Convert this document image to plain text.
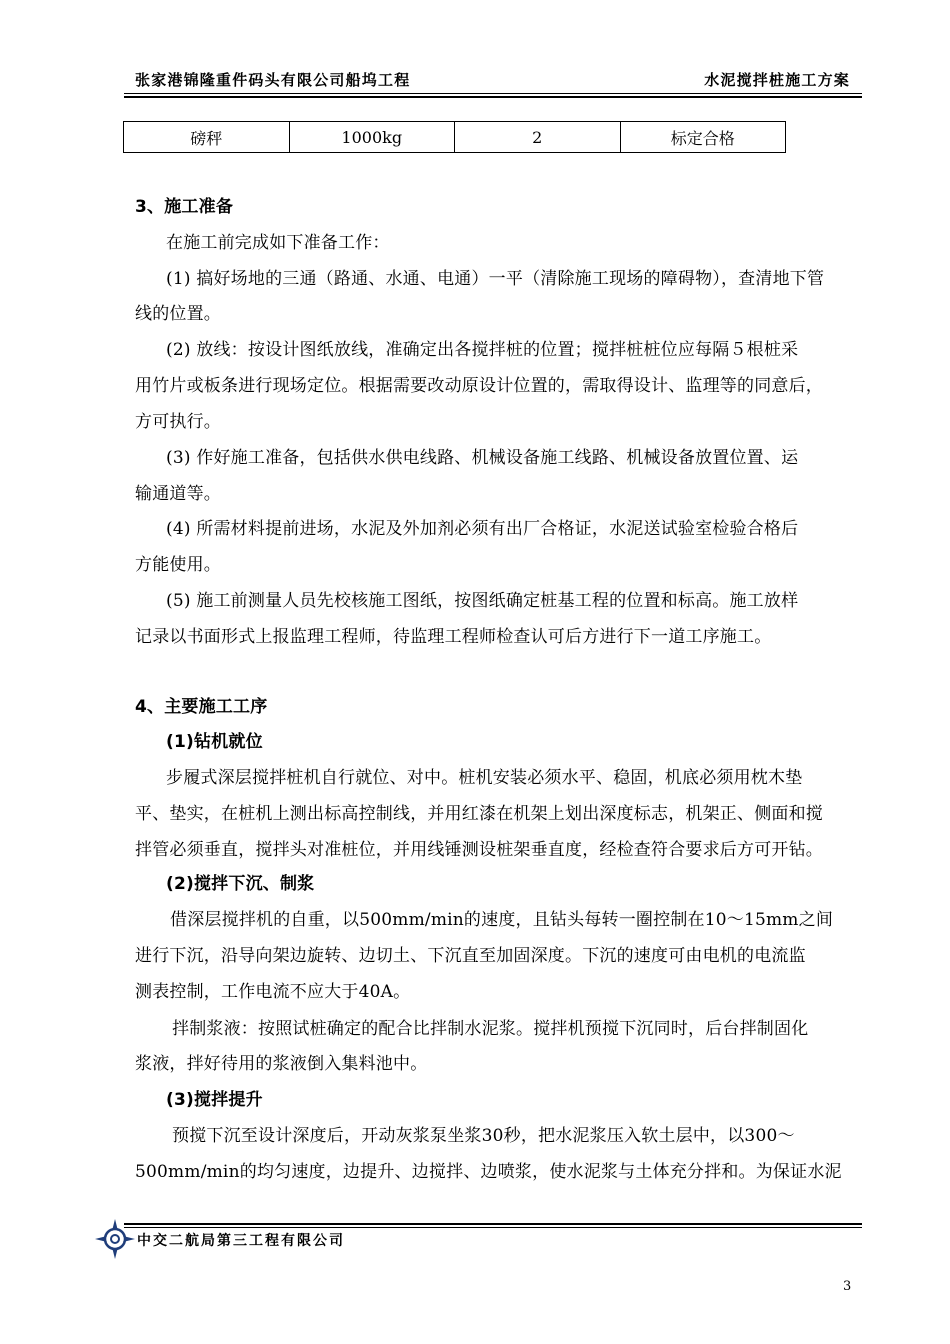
张家港锦隆重件码头有限公司船坞工程	水泥搅拌桩施工方案
磅秤	1000kg	2	标定合格
3、施工准备
在施工前完成如下准备工作：
(1) 搞好场地的三通（路通、水通、电通）一平（清除施工现场的障碍物），查清地下管
线的位置。
(2) 放线：按设计图纸放线，准确定出各搅拌桩的位置；搅拌桩桩位应每隔５根桩采
用竹片或板条进行现场定位。根据需要改动原设计位置的，需取得设计、监理等的同意后，
方可执行。
(3) 作好施工准备，包括供水供电线路、机械设备施工线路、机械设备放置位置、运
输通道等。
(4) 所需材料提前进场，水泥及外加剂必须有出厂合格证，水泥送试验室检验合格后
方能使用。
(5) 施工前测量人员先校核施工图纸，按图纸确定桩基工程的位置和标高。施工放样
记录以书面形式上报监理工程师，待监理工程师检查认可后方进行下一道工序施工。
4、主要施工工序
(1)钻机就位
步履式深层搅拌桩机自行就位、对中。桩机安装必须水平、稳固，机底必须用枕木垫
平、垫实，在桩机上测出标高控制线，并用红漆在机架上划出深度标志，机架正、侧面和搅
拌管必须垂直，搅拌头对准桩位，并用线锤测设桩架垂直度，经检查符合要求后方可开钻。
(2)搅拌下沉、制浆
借深层搅拌机的自重，以500mm/min的速度，且钻头每转一圈控制在10～15mm之间
进行下沉，沿导向架边旋转、边切土、下沉直至加固深度。下沉的速度可由电机的电流监
测表控制，工作电流不应大于40A。
拌制浆液：按照试桩确定的配合比拌制水泥浆。搅拌机预搅下沉同时，后台拌制固化
浆液，拌好待用的浆液倒入集料池中。
(3)搅拌提升
预搅下沉至设计深度后，开动灰浆泵坐浆30秒，把水泥浆压入软土层中，以300～
500mm/min的均匀速度，边提升、边搅拌、边喷浆，使水泥浆与土体充分拌和。为保证水泥
中交二航局第三工程有限公司
3
